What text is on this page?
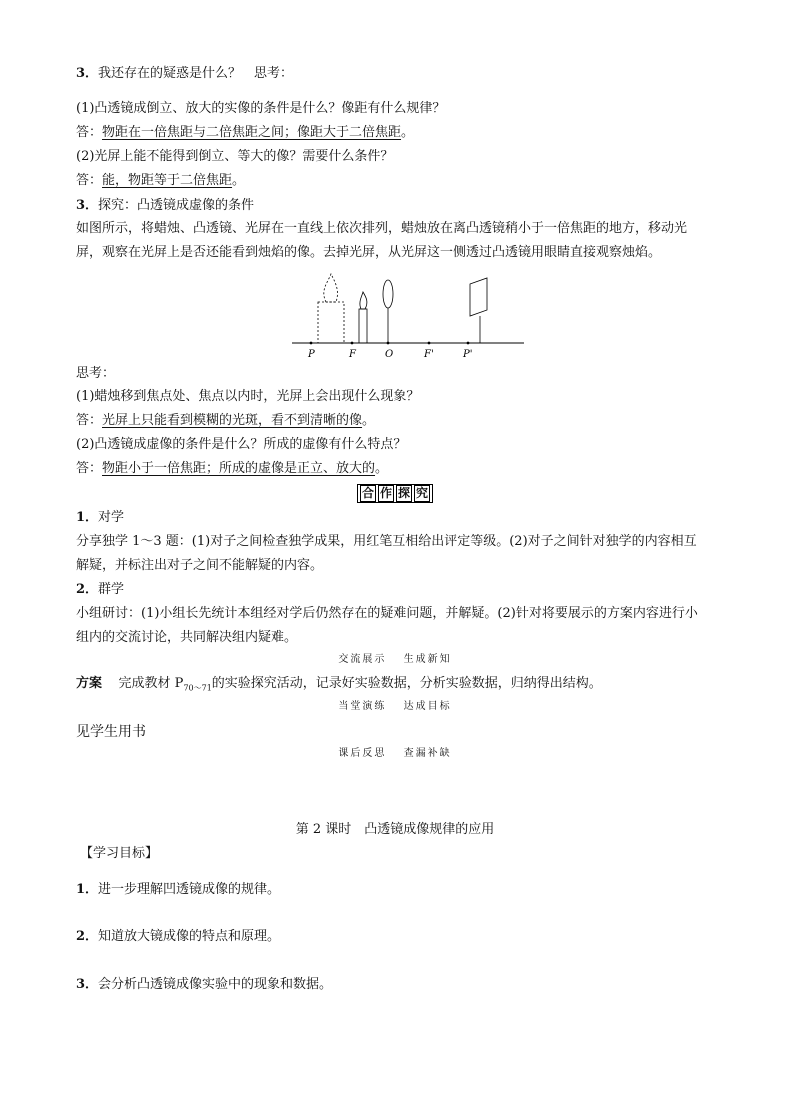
3．我还存在的疑惑是什么？　思考：
(1)凸透镜成倒立、放大的实像的条件是什么？像距有什么规律？
答：物距在一倍焦距与二倍焦距之间；像距大于二倍焦距。
(2)光屏上能不能得到倒立、等大的像？需要什么条件？
答：能，物距等于二倍焦距。
3．探究：凸透镜成虚像的条件
如图所示，将蜡烛、凸透镜、光屏在一直线上依次排列，蜡烛放在离凸透镜稍小于一倍焦距的地方，移动光
屏，观察在光屏上是否还能看到烛焰的像。去掉光屏，从光屏这一侧透过凸透镜用眼睛直接观察烛焰。
P	F	O	F'	P'
思考：
(1)蜡烛移到焦点处、焦点以内时，光屏上会出现什么现象？
答：光屏上只能看到模糊的光斑，看不到清晰的像。
(2)凸透镜成虚像的条件是什么？所成的虚像有什么特点？
答：物距小于一倍焦距；所成的虚像是正立、放大的。
合 作 探 究
1．对学
分享独学 1～3 题：(1)对子之间检查独学成果，用红笔互相给出评定等级。(2)对子之间针对独学的内容相互
解疑，并标注出对子之间不能解疑的内容。
2．群学
小组研讨：(1)小组长先统计本组经对学后仍然存在的疑难问题，并解疑。(2)针对将要展示的方案内容进行小
组内的交流讨论，共同解决组内疑难。
交流展示　 生成新知
方案 完成教材 $P_{70\sim 71}$的实验探究活动，记录好实验数据，分析实验数据，归纳得出结构。
当堂演练　 达成目标
见学生用书
课后反思　 查漏补缺
第 2 课时　凸透镜成像规律的应用
【学习目标】
1．进一步理解凹透镜成像的规律。
2．知道放大镜成像的特点和原理。
3．会分析凸透镜成像实验中的现象和数据。
